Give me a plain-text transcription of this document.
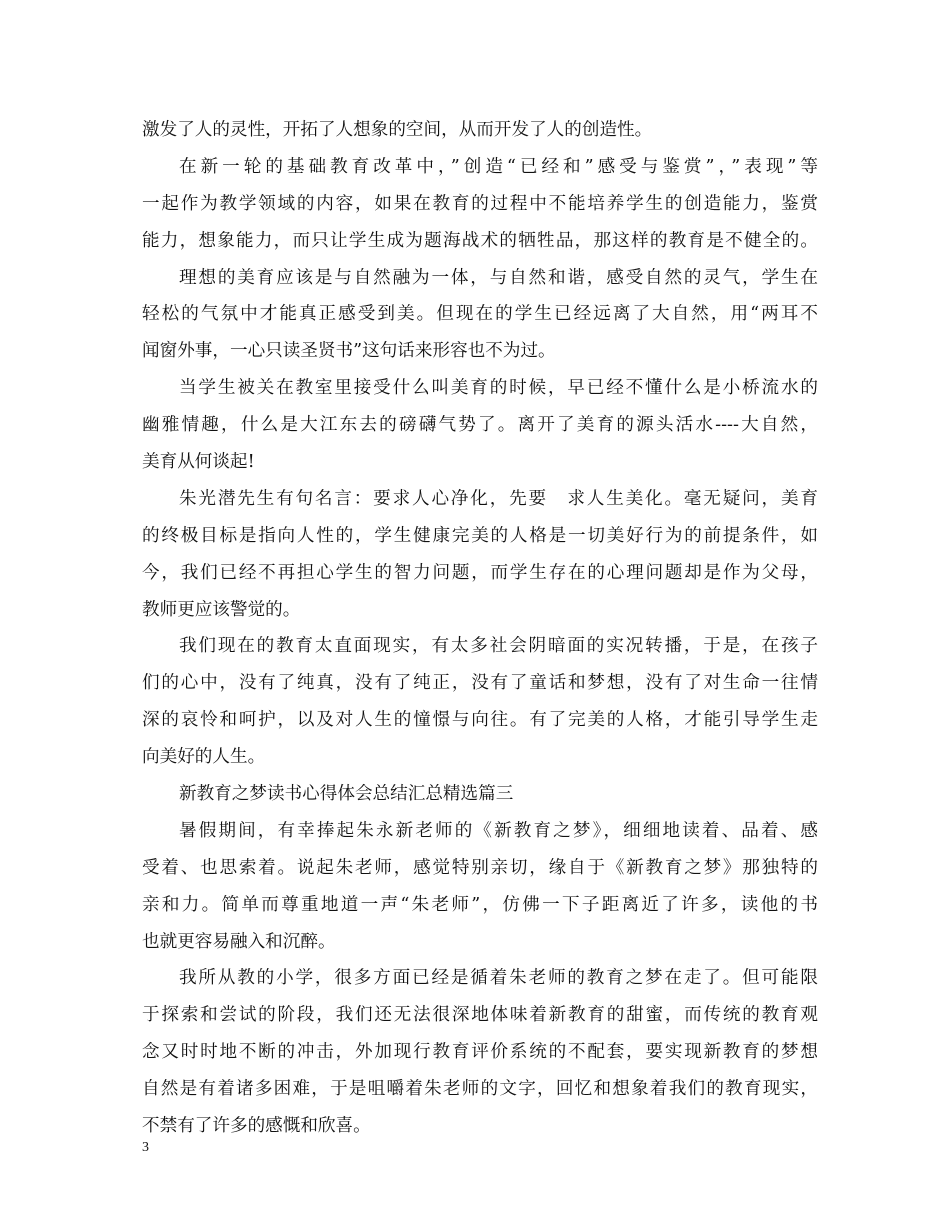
激发了人的灵性，开拓了人想象的空间，从而开发了人的创造性。
在新一轮的基础教育改革中，”创造“已经和”感受与鉴赏”，”表现”等
一起作为教学领域的内容，如果在教育的过程中不能培养学生的创造能力，鉴赏
能力，想象能力，而只让学生成为题海战术的牺牲品，那这样的教育是不健全的。
理想的美育应该是与自然融为一体，与自然和谐，感受自然的灵气，学生在
轻松的气氛中才能真正感受到美。但现在的学生已经远离了大自然，用“两耳不
闻窗外事，一心只读圣贤书”这句话来形容也不为过。
当学生被关在教室里接受什么叫美育的时候，早已经不懂什么是小桥流水的
幽雅情趣，什么是大江东去的磅礴气势了。离开了美育的源头活水----大自然，
美育从何谈起!
朱光潜先生有句名言：要求人心净化，先要　求人生美化。毫无疑问，美育
的终极目标是指向人性的，学生健康完美的人格是一切美好行为的前提条件，如
今，我们已经不再担心学生的智力问题，而学生存在的心理问题却是作为父母，
教师更应该警觉的。
我们现在的教育太直面现实，有太多社会阴暗面的实况转播，于是，在孩子
们的心中，没有了纯真，没有了纯正，没有了童话和梦想，没有了对生命一往情
深的哀怜和呵护，以及对人生的憧憬与向往。有了完美的人格，才能引导学生走
向美好的人生。
新教育之梦读书心得体会总结汇总精选篇三
暑假期间，有幸捧起朱永新老师的《新教育之梦》，细细地读着、品着、感
受着、也思索着。说起朱老师，感觉特别亲切，缘自于《新教育之梦》那独特的
亲和力。简单而尊重地道一声“朱老师”，仿佛一下子距离近了许多，读他的书
也就更容易融入和沉醉。
我所从教的小学，很多方面已经是循着朱老师的教育之梦在走了。但可能限
于探索和尝试的阶段，我们还无法很深地体味着新教育的甜蜜，而传统的教育观
念又时时地不断的冲击，外加现行教育评价系统的不配套，要实现新教育的梦想
自然是有着诸多困难，于是咀嚼着朱老师的文字，回忆和想象着我们的教育现实，
不禁有了许多的感慨和欣喜。
3
